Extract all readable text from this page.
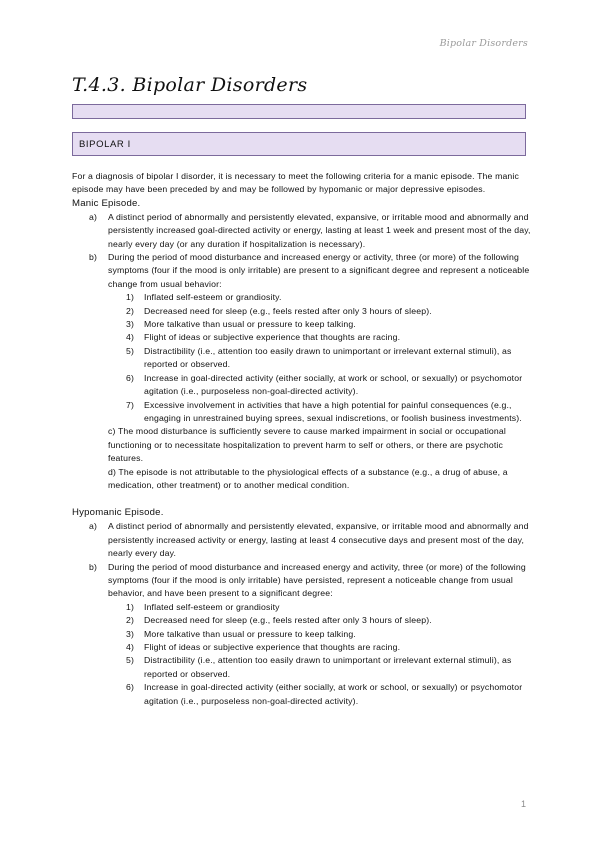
Bipolar Disorders
T.4.3. Bipolar Disorders
BIPOLAR I

For a diagnosis of bipolar I disorder, it is necessary to meet the following criteria for a manic episode. The manic episode may have been preceded by and may be followed by hypomanic or major depressive episodes.

Manic Episode.
a) A distinct period of abnormally and persistently elevated, expansive, or irritable mood and abnormally and persistently increased goal-directed activity or energy, lasting at least 1 week and present most of the day, nearly every day (or any duration if hospitalization is necessary).
b) During the period of mood disturbance and increased energy or activity, three (or more) of the following symptoms (four if the mood is only irritable) are present to a significant degree and represent a noticeable change from usual behavior:
1) Inflated self-esteem or grandiosity.
2) Decreased need for sleep (e.g., feels rested after only 3 hours of sleep).
3) More talkative than usual or pressure to keep talking.
4) Flight of ideas or subjective experience that thoughts are racing.
5) Distractibility (i.e., attention too easily drawn to unimportant or irrelevant external stimuli), as reported or observed.
6) Increase in goal-directed activity (either socially, at work or school, or sexually) or psychomotor agitation (i.e., purposeless non-goal-directed activity).
7) Excessive involvement in activities that have a high potential for painful consequences (e.g., engaging in unrestrained buying sprees, sexual indiscretions, or foolish business investments).
c) The mood disturbance is sufficiently severe to cause marked impairment in social or occupational functioning or to necessitate hospitalization to prevent harm to self or others, or there are psychotic features.
d) The episode is not attributable to the physiological effects of a substance (e.g., a drug of abuse, a medication, other treatment) or to another medical condition.
Hypomanic Episode.
a) A distinct period of abnormally and persistently elevated, expansive, or irritable mood and abnormally and persistently increased activity or energy, lasting at least 4 consecutive days and present most of the day, nearly every day.
b) During the period of mood disturbance and increased energy and activity, three (or more) of the following symptoms (four if the mood is only irritable) have persisted, represent a noticeable change from usual behavior, and have been present to a significant degree:
1) Inflated self-esteem or grandiosity
2) Decreased need for sleep (e.g., feels rested after only 3 hours of sleep).
3) More talkative than usual or pressure to keep talking.
4) Flight of ideas or subjective experience that thoughts are racing.
5) Distractibility (i.e., attention too easily drawn to unimportant or irrelevant external stimuli), as reported or observed.
6) Increase in goal-directed activity (either socially, at work or school, or sexually) or psychomotor agitation (i.e., purposeless non-goal-directed activity).
1
